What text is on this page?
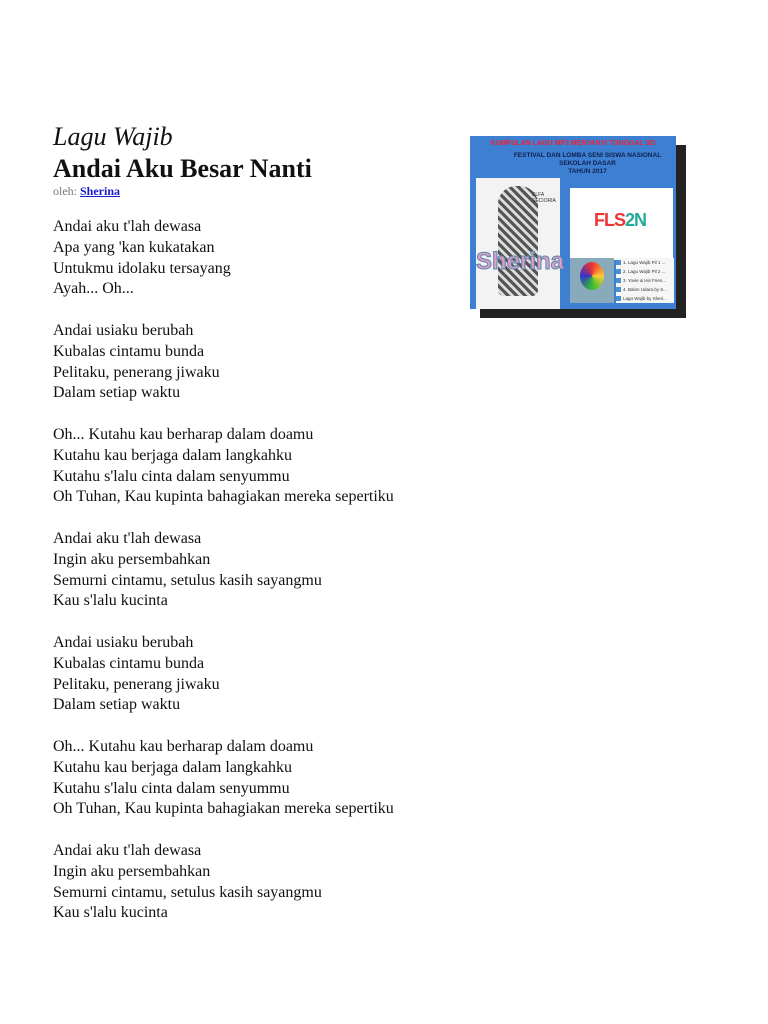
Lagu Wajib
Andai Aku Besar Nanti
oleh: Sherina
KUMPULAN LAGU MP3 MENYANYI TUNGGAL SD
FESTIVAL DAN LOMBA SENI SISWA NASIONAL
SEKOLAH DASAR
TAHUN 2017
ELFA SECIORIA
Sherina
FLS2N
1. Lagu Wajib Pil 1 ...
2. Lagu Wajib Pil 2 ...
3. Yovie & His Frien...
4. Balon Udara by S...
Lagu Wajib by Sheri...
Andai aku t'lah dewasa
Apa yang 'kan kukatakan
Untukmu idolaku tersayang
Ayah... Oh...
Andai usiaku berubah
Kubalas cintamu bunda
Pelitaku, penerang jiwaku
Dalam setiap waktu
Oh... Kutahu kau berharap dalam doamu
Kutahu kau berjaga dalam langkahku
Kutahu s'lalu cinta dalam senyummu
Oh Tuhan, Kau kupinta bahagiakan mereka sepertiku
Andai aku t'lah dewasa
Ingin aku persembahkan
Semurni cintamu, setulus kasih sayangmu
Kau s'lalu kucinta
Andai usiaku berubah
Kubalas cintamu bunda
Pelitaku, penerang jiwaku
Dalam setiap waktu
Oh... Kutahu kau berharap dalam doamu
Kutahu kau berjaga dalam langkahku
Kutahu s'lalu cinta dalam senyummu
Oh Tuhan, Kau kupinta bahagiakan mereka sepertiku
Andai aku t'lah dewasa
Ingin aku persembahkan
Semurni cintamu, setulus kasih sayangmu
Kau s'lalu kucinta
